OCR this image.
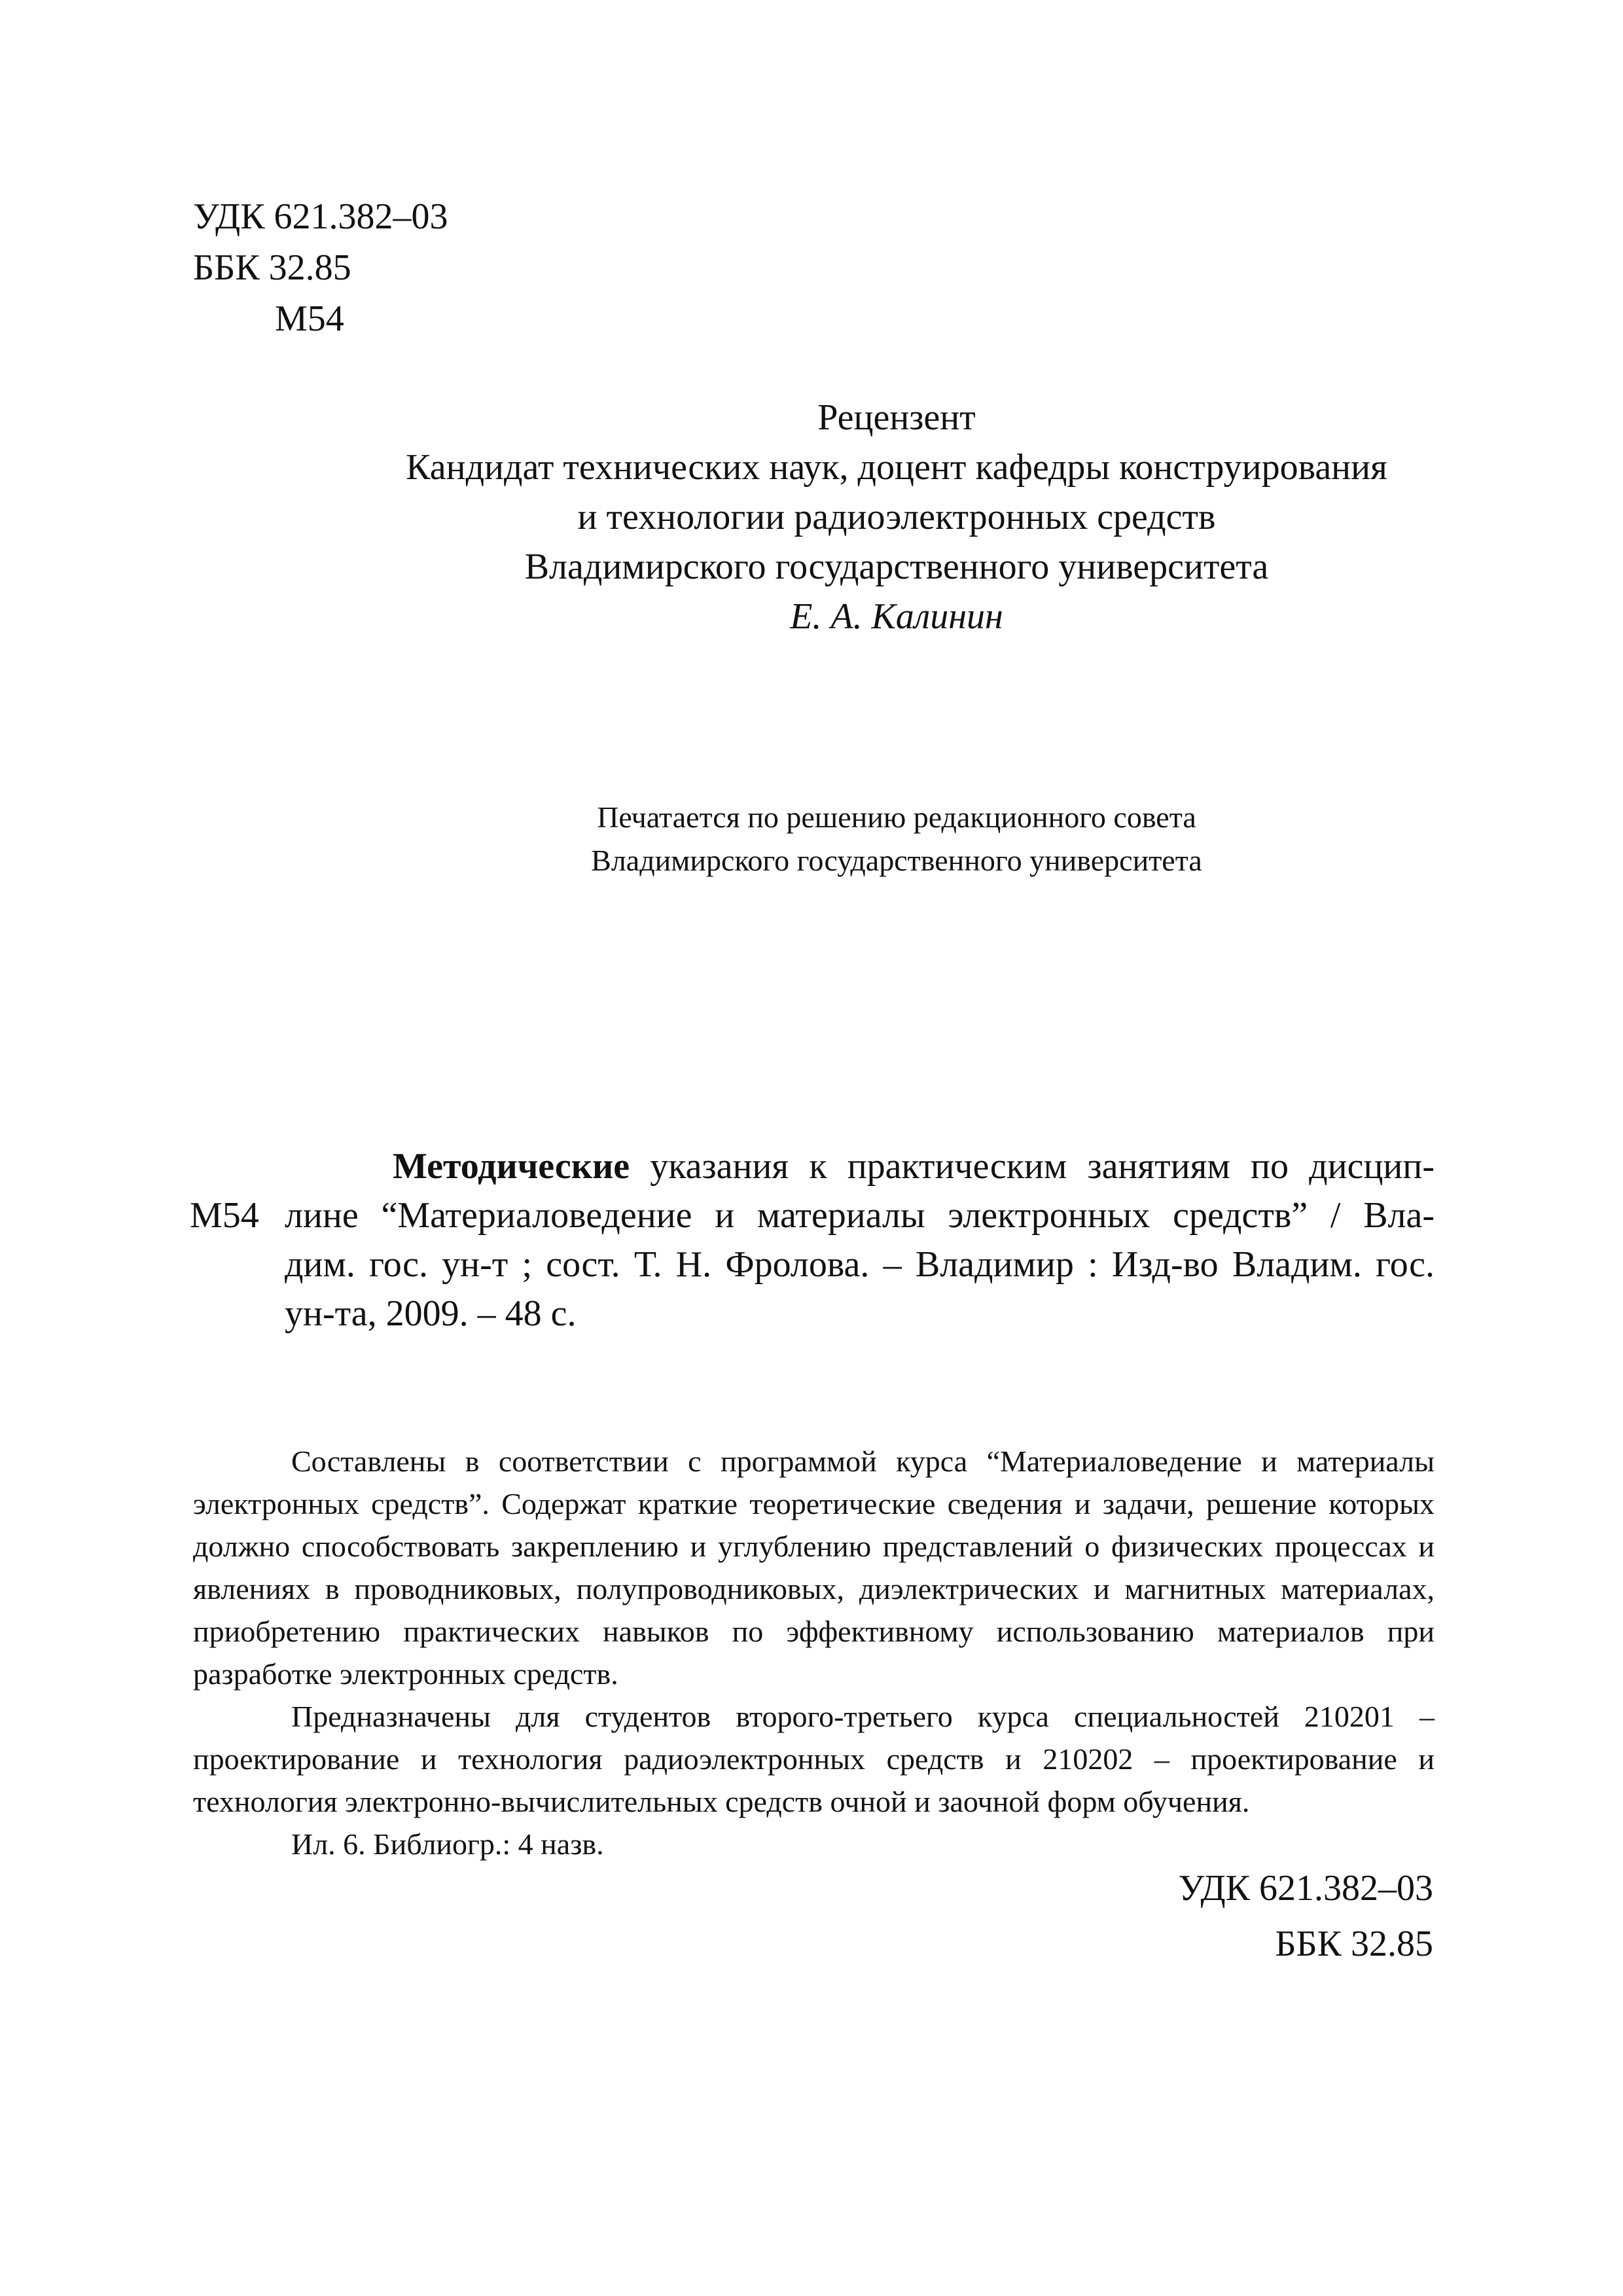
УДК 621.382–03
ББК 32.85
М54
Рецензент
Кандидат технических наук, доцент кафедры конструирования
и технологии радиоэлектронных средств
Владимирского государственного университета
Е. А. Калинин
Печатается по решению редакционного совета
Владимирского государственного университета
М54
Методические указания к практическим занятиям по дисцип-
лине “Материаловедение и материалы электронных средств” / Вла-
дим. гос. ун-т ; сост. Т. Н. Фролова. – Владимир : Изд-во Владим. гос.
ун-та, 2009. – 48 с.

Составлены в соответствии с программой курса “Материаловедение и материалы электронных средств”. Содержат краткие теоретические сведения и задачи, решение которых должно способствовать закреплению и углублению представлений о физических процессах и явлениях в проводниковых, полупроводниковых, диэлектрических и магнитных материалах, приобретению практических навыков по эффективному использованию материалов при разработке электронных средств.

Предназначены для студентов второго-третьего курса специальностей 210201 – проектирование и технология радиоэлектронных средств и 210202 – проектирование и технология электронно-вычислительных средств очной и заочной форм обучения.

Ил. 6. Библиогр.: 4 назв.

УДК 621.382–03
ББК 32.85
